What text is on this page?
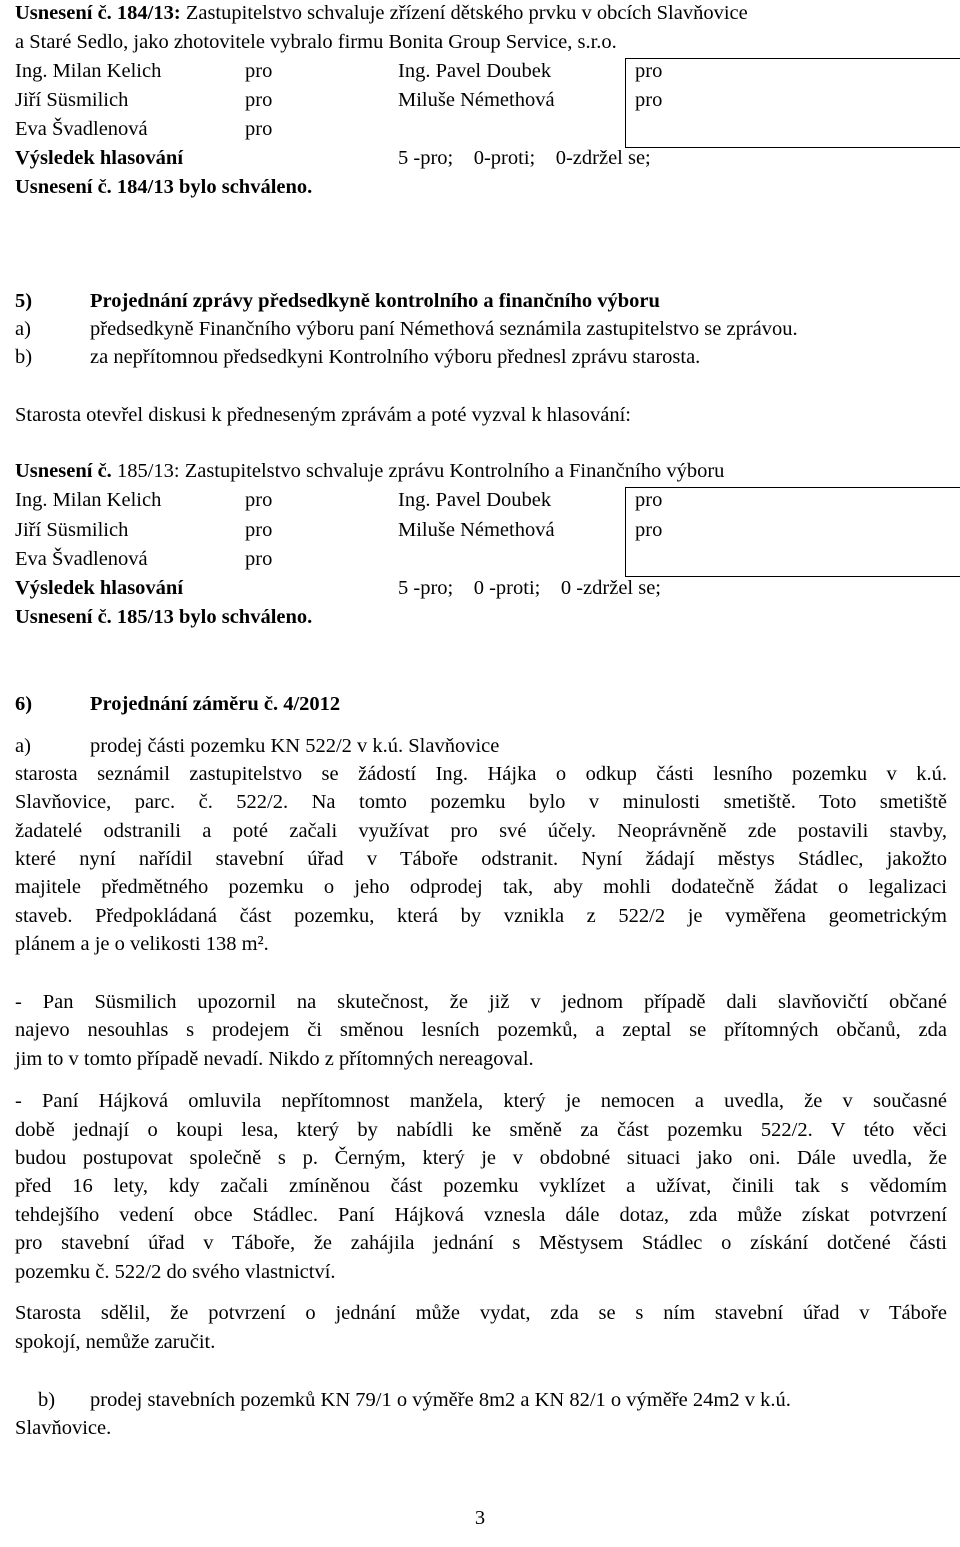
Usnesení č. 184/13: Zastupitelstvo schvaluje zřízení dětského prvku v obcích Slavňovice
a Staré Sedlo, jako zhotovitele vybralo firmu Bonita Group Service, s.r.o.
Ing. Milan Kelich	pro	Ing. Pavel Doubek	pro
Jiří Süsmilich	pro	Miluše Némethová	pro
Eva Švadlenová	pro
Výsledek hlasování	5 -pro;    0-proti;    0-zdržel se;
Usnesení č. 184/13 bylo schváleno.
5)	Projednání zprávy předsedkyně kontrolního a finančního výboru
a)	předsedkyně Finančního výboru paní Némethová seznámila zastupitelstvo se zprávou.
b)	za nepřítomnou předsedkyni Kontrolního výboru přednesl zprávu starosta.
Starosta otevřel diskusi k předneseným zprávám a poté vyzval k hlasování:
Usnesení č. 185/13: Zastupitelstvo schvaluje zprávu Kontrolního a Finančního výboru
Ing. Milan Kelich	pro	Ing. Pavel Doubek	pro
Jiří Süsmilich	pro	Miluše Némethová	pro
Eva Švadlenová	pro
Výsledek hlasování	5 -pro;    0 -proti;    0 -zdržel se;
Usnesení č. 185/13 bylo schváleno.
6)	Projednání záměru č. 4/2012
a)	prodej části pozemku KN 522/2 v k.ú. Slavňovice
starosta seznámil zastupitelstvo se žádostí Ing. Hájka o odkup části lesního pozemku v k.ú.
Slavňovice, parc. č. 522/2. Na tomto pozemku bylo v minulosti smetiště. Toto smetiště
žadatelé odstranili a poté začali využívat pro své účely. Neoprávněně zde postavili stavby,
které nyní nařídil stavební úřad v Táboře odstranit. Nyní žádají městys Stádlec, jakožto
majitele předmětného pozemku o jeho odprodej tak, aby mohli dodatečně žádat o legalizaci
staveb. Předpokládaná část pozemku, která by vznikla z 522/2 je vyměřena geometrickým
plánem a je o velikosti 138 m².
- Pan Süsmilich upozornil na skutečnost, že již v jednom případě dali slavňovičtí občané
najevo nesouhlas s prodejem či směnou lesních pozemků, a zeptal se přítomných občanů, zda
jim to v tomto případě nevadí. Nikdo z přítomných nereagoval.
- Paní Hájková omluvila nepřítomnost manžela, který je nemocen a uvedla, že v současné
době jednají o koupi lesa, který by nabídli ke směně za část pozemku 522/2. V této věci
budou postupovat společně s p. Černým, který je v obdobné situaci jako oni. Dále uvedla, že
před 16 lety, kdy začali zmíněnou část pozemku vyklízet a užívat, činili tak s vědomím
tehdejšího vedení obce Stádlec. Paní Hájková vznesla dále dotaz, zda může získat potvrzení
pro stavební úřad v Táboře, že zahájila jednání s Městysem Stádlec o získání dotčené části
pozemku č. 522/2 do svého vlastnictví.
Starosta sdělil, že potvrzení o jednání může vydat, zda se s ním stavební úřad v Táboře
spokojí, nemůže zaručit.
b) prodej stavebních pozemků KN 79/1 o výměře 8m2 a KN 82/1 o výměře 24m2 v k.ú.
Slavňovice.
3
